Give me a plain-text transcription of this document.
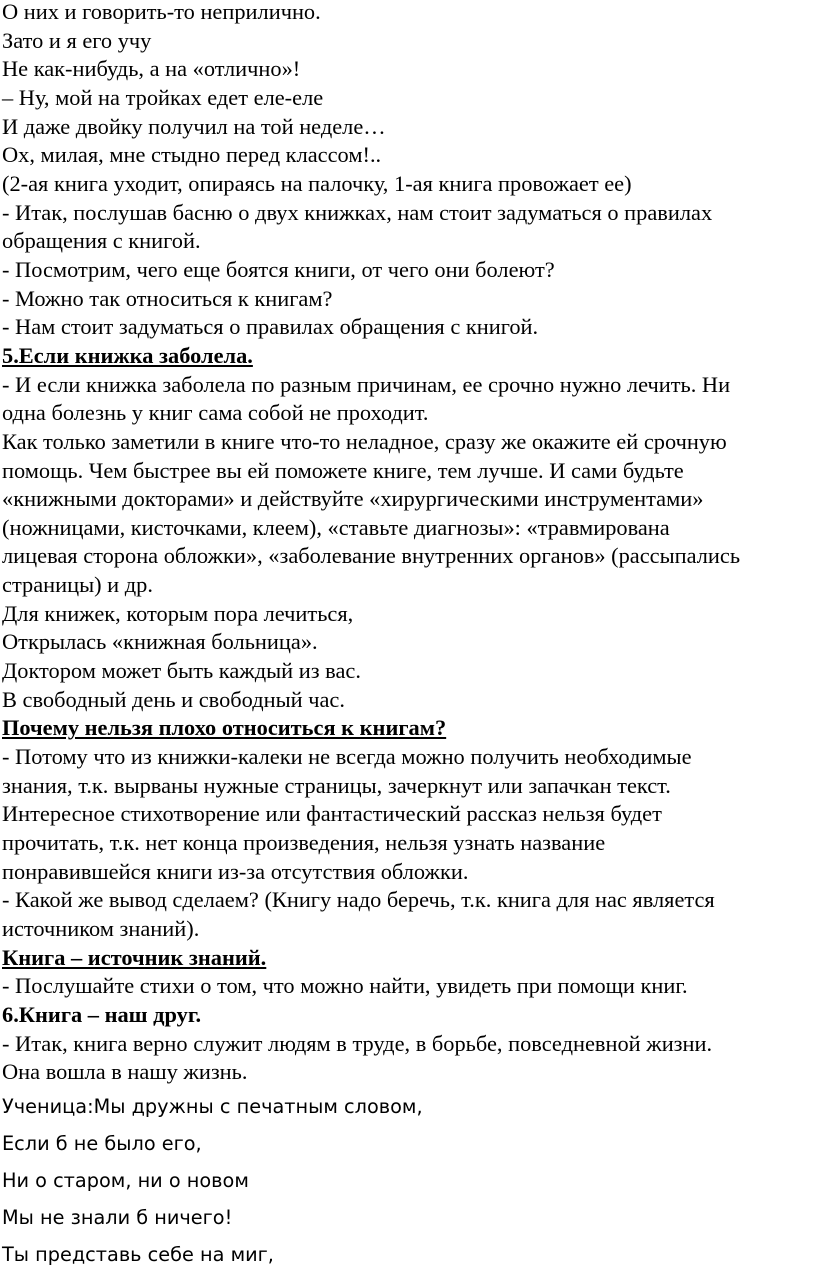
О них и говорить-то неприлично.

Зато и я его учу

Не как-нибудь, а на «отлично»!

– Ну, мой на тройках едет еле-еле

И даже двойку получил на той неделе…

Ох, милая, мне стыдно перед классом!..

(2-ая книга уходит, опираясь на палочку, 1-ая книга провожает ее)

- Итак, послушав басню о двух книжках, нам стоит задуматься о правилах

обращения с книгой.

- Посмотрим, чего еще боятся книги, от чего они болеют?

- Можно так относиться к книгам?

- Нам стоит задуматься о правилах обращения с книгой.

5.Если книжка заболела.

- И если книжка заболела по разным причинам, ее срочно нужно лечить. Ни

одна болезнь у книг сама собой не проходит.

Как только заметили в книге что-то неладное, сразу же окажите ей срочную

помощь. Чем быстрее вы ей поможете книге, тем лучше. И сами будьте

«книжными докторами» и действуйте «хирургическими инструментами»

(ножницами, кисточками, клеем), «ставьте диагнозы»: «травмирована

лицевая сторона обложки», «заболевание внутренних органов» (рассыпались

страницы) и др.

Для книжек, которым пора лечиться,

Открылась «книжная больница».

Доктором может быть каждый из вас.

В свободный день и свободный час.

Почему нельзя плохо относиться к книгам?

- Потому что из книжки-калеки не всегда можно получить необходимые

знания, т.к. вырваны нужные страницы, зачеркнут или запачкан текст.

Интересное стихотворение или фантастический рассказ нельзя будет

прочитать, т.к. нет конца произведения, нельзя узнать название

понравившейся книги из-за отсутствия обложки.

- Какой же вывод сделаем? (Книгу надо беречь, т.к. книга для нас является

источником знаний).

Книга – источник знаний.

- Послушайте стихи о том, что можно найти, увидеть при помощи книг.

6.Книга – наш друг.

- Итак, книга верно служит людям в труде, в борьбе, повседневной жизни.

Она вошла в нашу жизнь.

Ученица:Мы дружны с печатным словом,

Если б не было его,

Ни о старом, ни о новом

Мы не знали б ничего!

Ты представь себе на миг,
